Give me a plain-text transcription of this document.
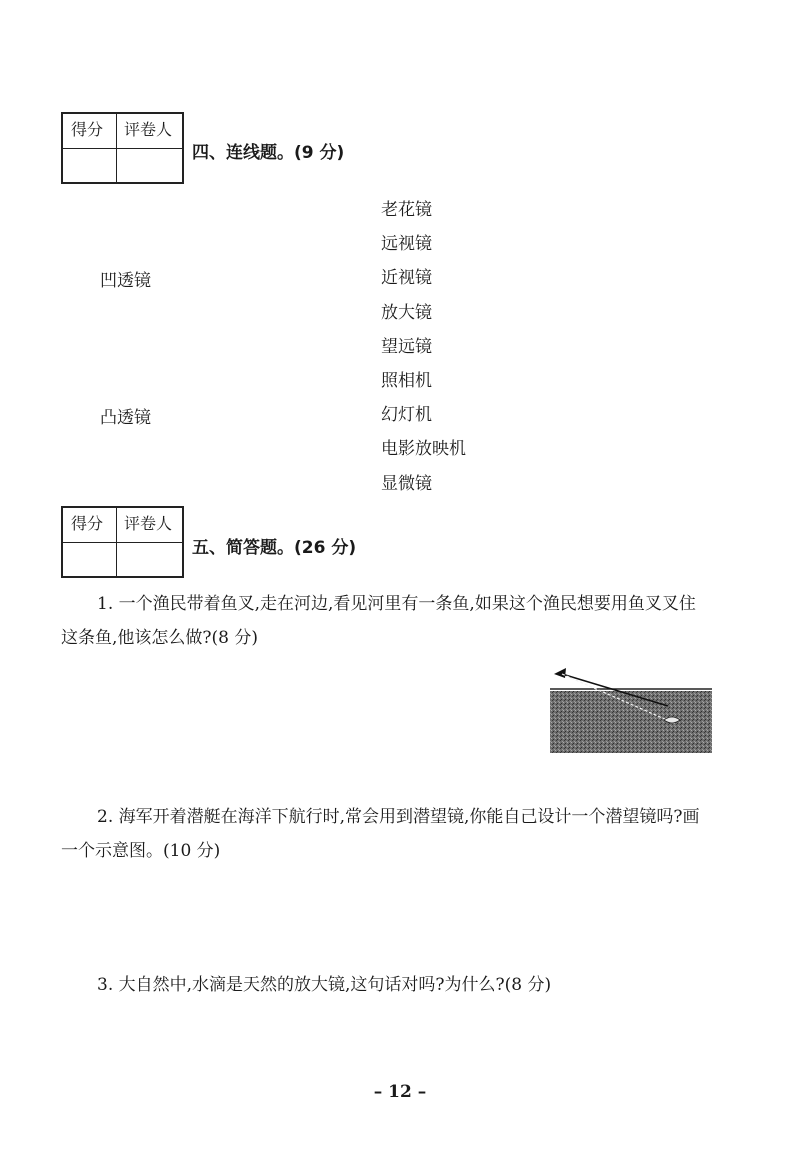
得分 评卷人
四、连线题。(9 分)
凹透镜
凸透镜
老花镜
远视镜
近视镜
放大镜
望远镜
照相机
幻灯机
电影放映机
显微镜
得分 评卷人
五、简答题。(26 分)
1. 一个渔民带着鱼叉,走在河边,看见河里有一条鱼,如果这个渔民想要用鱼叉叉住这条鱼,他该怎么做?(8 分)
2. 海军开着潜艇在海洋下航行时,常会用到潜望镜,你能自己设计一个潜望镜吗?画一个示意图。(10 分)
3. 大自然中,水滴是天然的放大镜,这句话对吗?为什么?(8 分)
– 12 –
